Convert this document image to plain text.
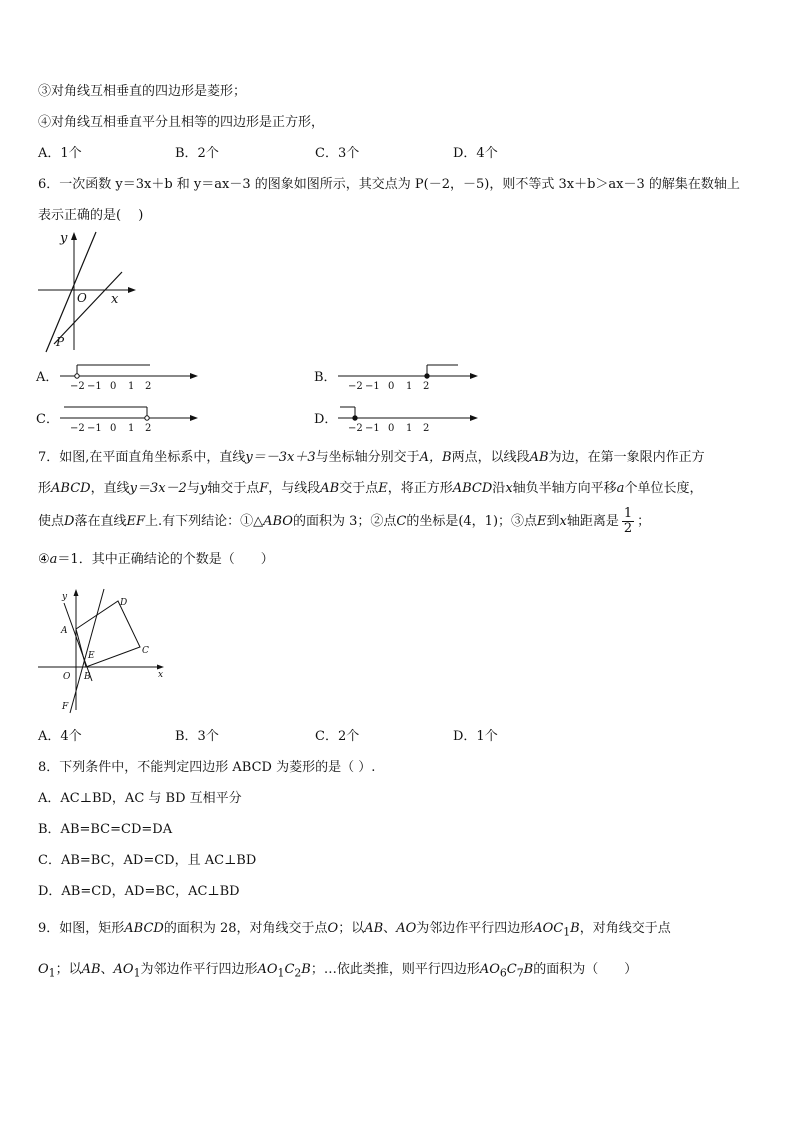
③对角线互相垂直的四边形是菱形；
④对角线互相垂直平分且相等的四边形是正方形，
A．1个	B．2个	C．3个	D．4个
6．一次函数 y＝3x＋b 和 y＝ax－3 的图象如图所示，其交点为 P(－2，－5)，则不等式 3x＋b＞ax－3 的解集在数轴上
表示正确的是(　 )
y
x
O
P
A．
−2 −1 0 1 2
B．
−2 −1 0 1 2
C．
−2 −1 0 1 2
D．
−2 −1 0 1 2
7．如图,在平面直角坐标系中，直线y＝－3x＋3与坐标轴分别交于A，B两点，以线段AB为边，在第一象限内作正方
形ABCD，直线y＝3x－2与y轴交于点F，与线段AB交于点E，将正方形ABCD沿x轴负半轴方向平移a个单位长度，
使点D落在直线EF上.有下列结论：①△ABO的面积为 3；②点C的坐标是(4，1)；③点E到x轴距离是 $\frac{1}{2}$ ；
④a＝1．其中正确结论的个数是（　　）
y
x
A
D
C
E
B
O
F
A．4个	B．3个	C．2个	D．1个
8．下列条件中，不能判定四边形 ABCD 为菱形的是（ ）.
A．AC⊥BD，AC 与 BD 互相平分
B．AB=BC=CD=DA
C．AB=BC，AD=CD，且 AC⊥BD
D．AB=CD，AD=BC，AC⊥BD
9．如图，矩形ABCD的面积为 28，对角线交于点O；以AB、AO为邻边作平行四边形$AOC_1B$，对角线交于点
$O_1$；以AB、$AO_1$为邻边作平行四边形$AO_1C_2B$；…依此类推，则平行四边形$AO_6C_7B$的面积为（　　）
